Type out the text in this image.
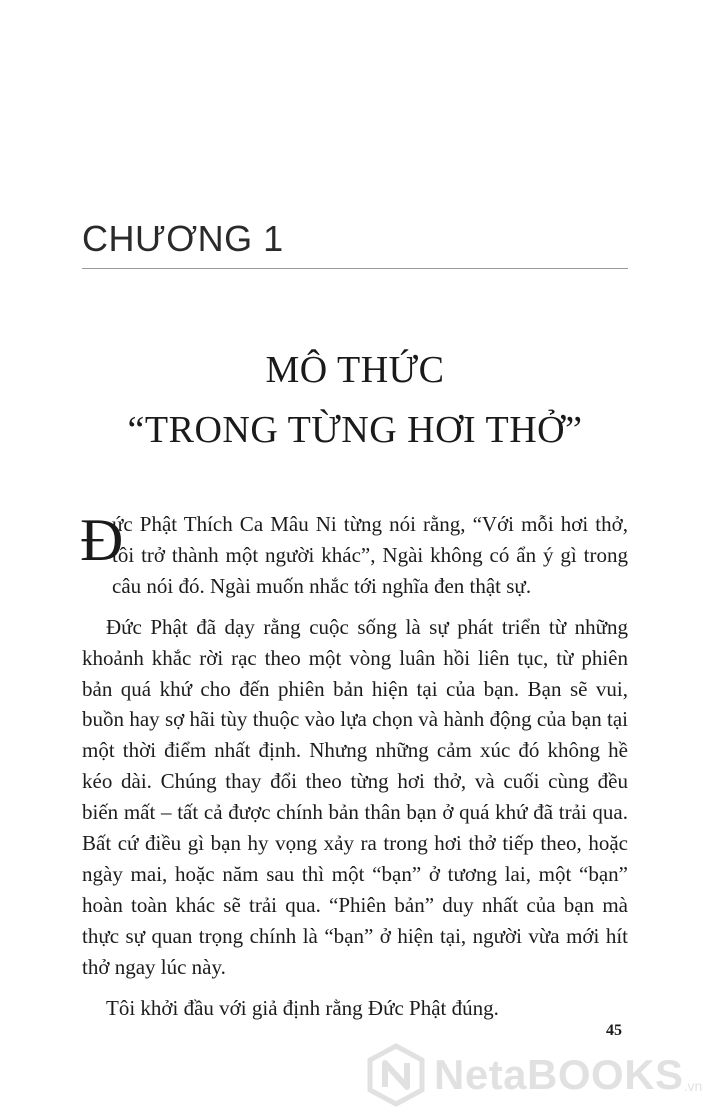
CHƯƠNG 1
MÔ THỨC
“TRONG TỪNG HƠI THỞ”

Đ
ức Phật Thích Ca Mâu Ni từng nói rằng, “Với mỗi hơi thở, tôi trở thành một người khác”, Ngài không có ẩn ý gì trong câu nói đó. Ngài muốn nhắc tới nghĩa đen thật sự.

Đức Phật đã dạy rằng cuộc sống là sự phát triển từ những khoảnh khắc rời rạc theo một vòng luân hồi liên tục, từ phiên bản quá khứ cho đến phiên bản hiện tại của bạn. Bạn sẽ vui, buồn hay sợ hãi tùy thuộc vào lựa chọn và hành động của bạn tại một thời điểm nhất định. Nhưng những cảm xúc đó không hề kéo dài. Chúng thay đổi theo từng hơi thở, và cuối cùng đều biến mất – tất cả được chính bản thân bạn ở quá khứ đã trải qua. Bất cứ điều gì bạn hy vọng xảy ra trong hơi thở tiếp theo, hoặc ngày mai, hoặc năm sau thì một “bạn” ở tương lai, một “bạn” hoàn toàn khác sẽ trải qua. “Phiên bản” duy nhất của bạn mà thực sự quan trọng chính là “bạn” ở hiện tại, người vừa mới hít thở ngay lúc này.

Tôi khởi đầu với giả định rằng Đức Phật đúng.

45
NetaBOOKS .vn
